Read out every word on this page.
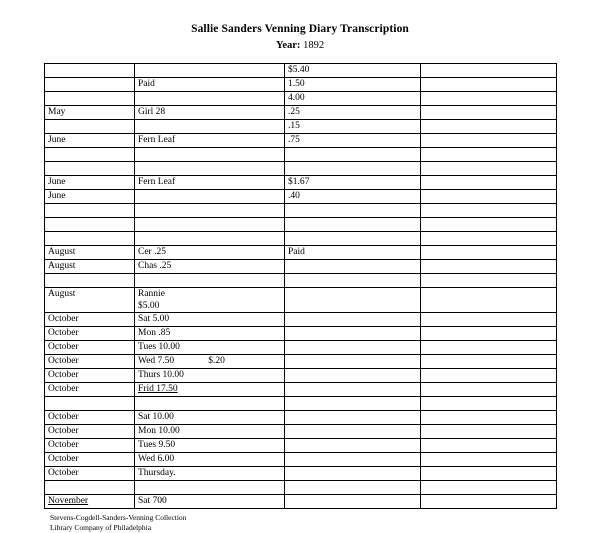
Sallie Sanders Venning Diary Transcription
Year: 1892

		$5.40	

	Paid	1.50	

		4.00	

May	Girl 28	.25	

		.15	

June	Fern Leaf	.75	

June	Fern Leaf	$1.67	

June		.40	

August	Cer .25	Paid	

August	Chas .25		

August	Rannie
$5.00		

October	Sat 5.00		

October	Mon .85		

October	Tues 10.00		

October	Wed 7.50 $.20		

October	Thurs 10.00		

October	Frid 17.50		

October	Sat 10.00		

October	Mon 10.00		

October	Tues 9.50		

October	Wed 6.00		

October	Thursday.		

November	Sat 700		

Stevens-Cogdell-Sanders-Venning Collection
Library Company of Philadelphia
